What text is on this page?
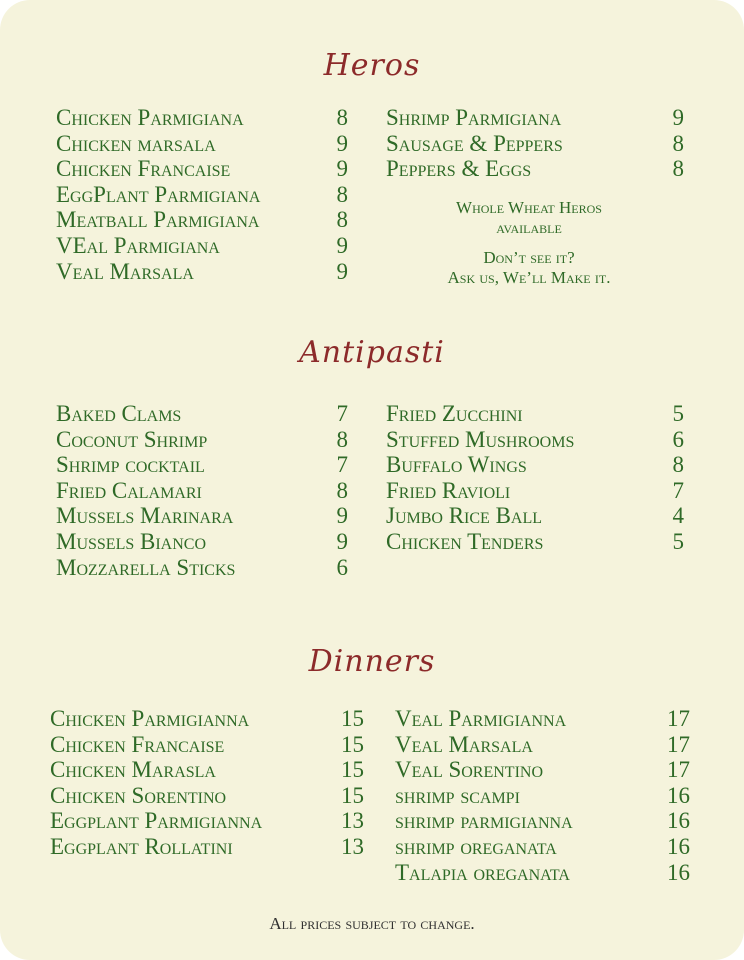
Heros
Chicken Parmigiana	8
Chicken marsala	9
Chicken Francaise	9
EggPlant Parmigiana	8
Meatball Parmigiana	8
VEal Parmigiana	9
Veal Marsala	9
Shrimp Parmigiana	9
Sausage & Peppers	8
Peppers & Eggs	8
Whole Wheat Heros
available
Don’t see it?
Ask us, We’ll Make it.
Antipasti
Baked Clams	7
Coconut Shrimp	8
Shrimp cocktail	7
Fried Calamari	8
Mussels Marinara	9
Mussels Bianco	9
Mozzarella Sticks	6
Fried Zucchini	5
Stuffed Mushrooms	6
Buffalo Wings	8
Fried Ravioli	7
Jumbo Rice Ball	4
Chicken Tenders	5
Dinners
Chicken Parmigianna	15
Chicken Francaise	15
Chicken Marasla	15
Chicken Sorentino	15
Eggplant Parmigianna	13
Eggplant Rollatini	13
Veal Parmigianna	17
Veal Marsala	17
Veal Sorentino	17
shrimp scampi	16
shrimp parmigianna	16
shrimp oreganata	16
Talapia oreganata	16
All prices subject to change.
